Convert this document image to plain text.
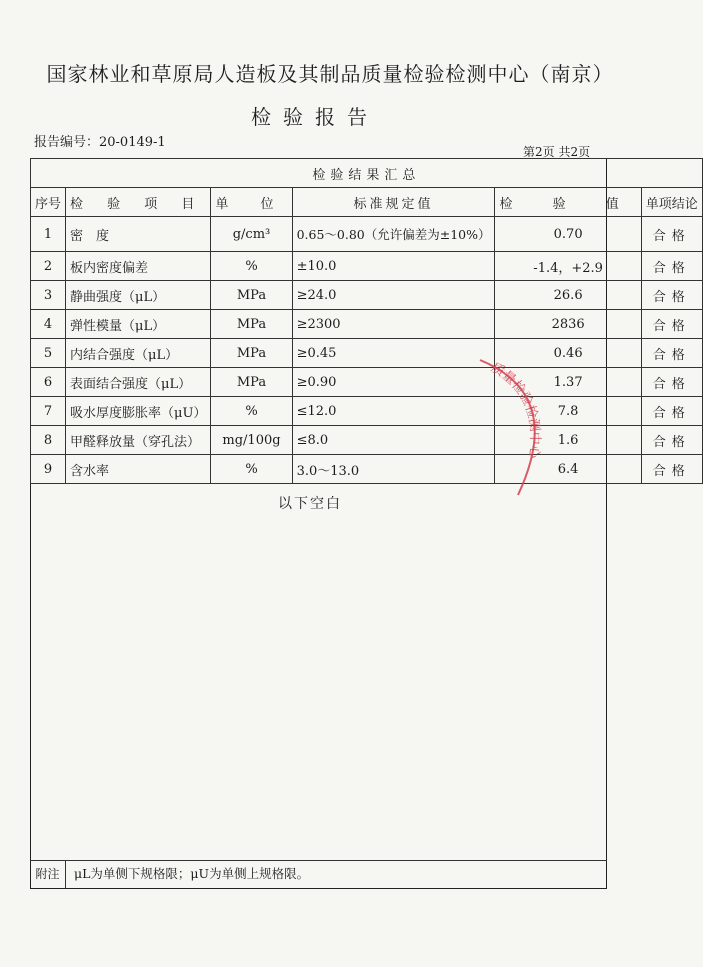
国家林业和草原局人造板及其制品质量检验检测中心（南京）
检验报告
报告编号：20-0149-1
第2页 共2页
检验结果汇总					
序号	检 验 项 目	单 位	标准规定值	检 验 值	单项结论
1	密　度	g/cm³	0.65～0.80（允许偏差为±10%）	0.70	合格
2	板内密度偏差	%	±10.0	-1.4，+2.9	合格
3	静曲强度（μL）	MPa	≥24.0	26.6	合格
4	弹性模量（μL）	MPa	≥2300	2836	合格
5	内结合强度（μL）	MPa	≥0.45	0.46	合格
6	表面结合强度（μL）	MPa	≥0.90	1.37	合格
7	吸水厚度膨胀率（μU）	%	≤12.0	7.8	合格
8	甲醛释放量（穿孔法）	mg/100g	≤8.0	1.6	合格
9	含水率	%	3.0～13.0	6.4	合格
以下空白
附注	μL为单侧下规格限；μU为单侧上规格限。
质量检验检测中心
